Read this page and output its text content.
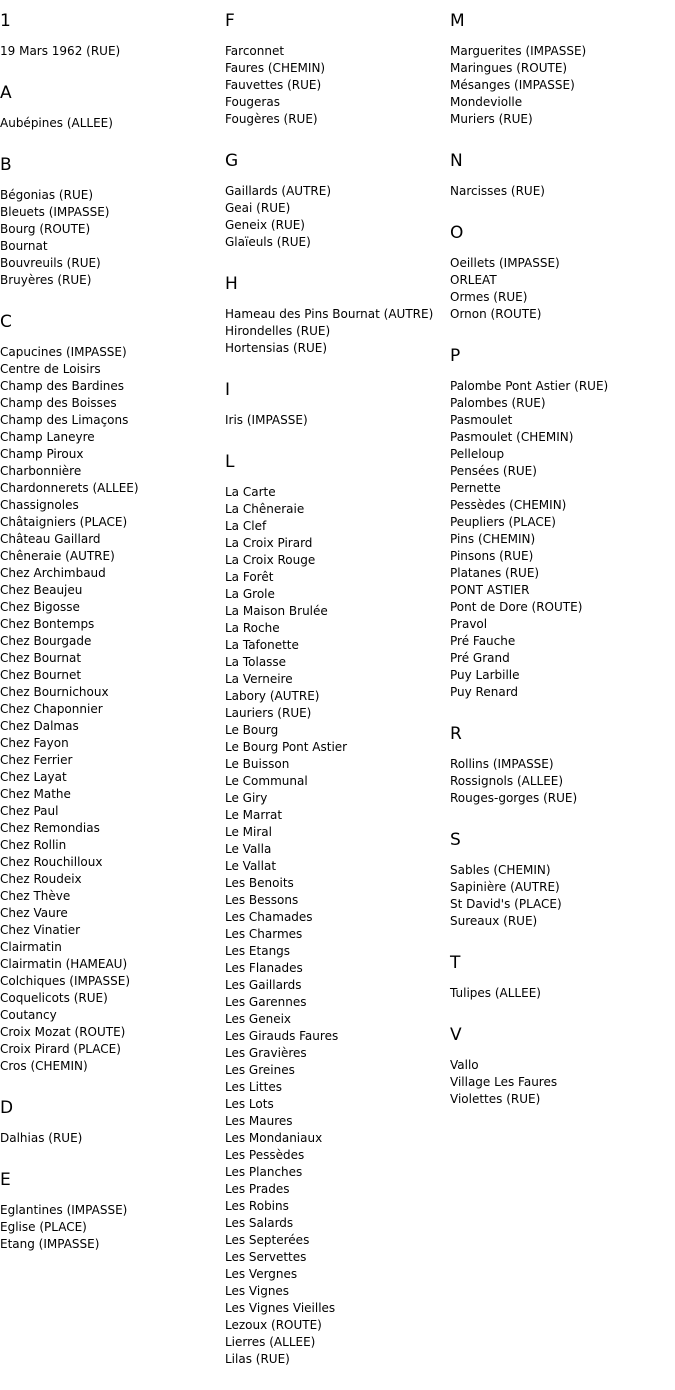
1
19 Mars 1962 (RUE)
A
Aubépines (ALLEE)
B
Bégonias (RUE)
Bleuets (IMPASSE)
Bourg (ROUTE)
Bournat
Bouvreuils (RUE)
Bruyères (RUE)
C
Capucines (IMPASSE)
Centre de Loisirs
Champ des Bardines
Champ des Boisses
Champ des Limaçons
Champ Laneyre
Champ Piroux
Charbonnière
Chardonnerets (ALLEE)
Chassignoles
Châtaigniers (PLACE)
Château Gaillard
Chêneraie (AUTRE)
Chez Archimbaud
Chez Beaujeu
Chez Bigosse
Chez Bontemps
Chez Bourgade
Chez Bournat
Chez Bournet
Chez Bournichoux
Chez Chaponnier
Chez Dalmas
Chez Fayon
Chez Ferrier
Chez Layat
Chez Mathe
Chez Paul
Chez Remondias
Chez Rollin
Chez Rouchilloux
Chez Roudeix
Chez Thève
Chez Vaure
Chez Vinatier
Clairmatin
Clairmatin (HAMEAU)
Colchiques (IMPASSE)
Coquelicots (RUE)
Coutancy
Croix Mozat (ROUTE)
Croix Pirard (PLACE)
Cros (CHEMIN)
D
Dalhias (RUE)
E
Eglantines (IMPASSE)
Eglise (PLACE)
Etang (IMPASSE)
F
Farconnet
Faures (CHEMIN)
Fauvettes (RUE)
Fougeras
Fougères (RUE)
G
Gaillards (AUTRE)
Geai (RUE)
Geneix (RUE)
Glaïeuls (RUE)
H
Hameau des Pins Bournat (AUTRE)
Hirondelles (RUE)
Hortensias (RUE)
I
Iris (IMPASSE)
L
La Carte
La Chêneraie
La Clef
La Croix Pirard
La Croix Rouge
La Forêt
La Grole
La Maison Brulée
La Roche
La Tafonette
La Tolasse
La Verneire
Labory (AUTRE)
Lauriers (RUE)
Le Bourg
Le Bourg Pont Astier
Le Buisson
Le Communal
Le Giry
Le Marrat
Le Miral
Le Valla
Le Vallat
Les Benoits
Les Bessons
Les Chamades
Les Charmes
Les Etangs
Les Flanades
Les Gaillards
Les Garennes
Les Geneix
Les Girauds Faures
Les Gravières
Les Greines
Les Littes
Les Lots
Les Maures
Les Mondaniaux
Les Pessèdes
Les Planches
Les Prades
Les Robins
Les Salards
Les Septerées
Les Servettes
Les Vergnes
Les Vignes
Les Vignes Vieilles
Lezoux (ROUTE)
Lierres (ALLEE)
Lilas (RUE)
M
Marguerites (IMPASSE)
Maringues (ROUTE)
Mésanges (IMPASSE)
Mondeviolle
Muriers (RUE)
N
Narcisses (RUE)
O
Oeillets (IMPASSE)
ORLEAT
Ormes (RUE)
Ornon (ROUTE)
P
Palombe Pont Astier (RUE)
Palombes (RUE)
Pasmoulet
Pasmoulet (CHEMIN)
Pelleloup
Pensées (RUE)
Pernette
Pessèdes (CHEMIN)
Peupliers (PLACE)
Pins (CHEMIN)
Pinsons (RUE)
Platanes (RUE)
PONT ASTIER
Pont de Dore (ROUTE)
Pravol
Pré Fauche
Pré Grand
Puy Larbille
Puy Renard
R
Rollins (IMPASSE)
Rossignols (ALLEE)
Rouges-gorges (RUE)
S
Sables (CHEMIN)
Sapinière (AUTRE)
St David's (PLACE)
Sureaux (RUE)
T
Tulipes (ALLEE)
V
Vallo
Village Les Faures
Violettes (RUE)
